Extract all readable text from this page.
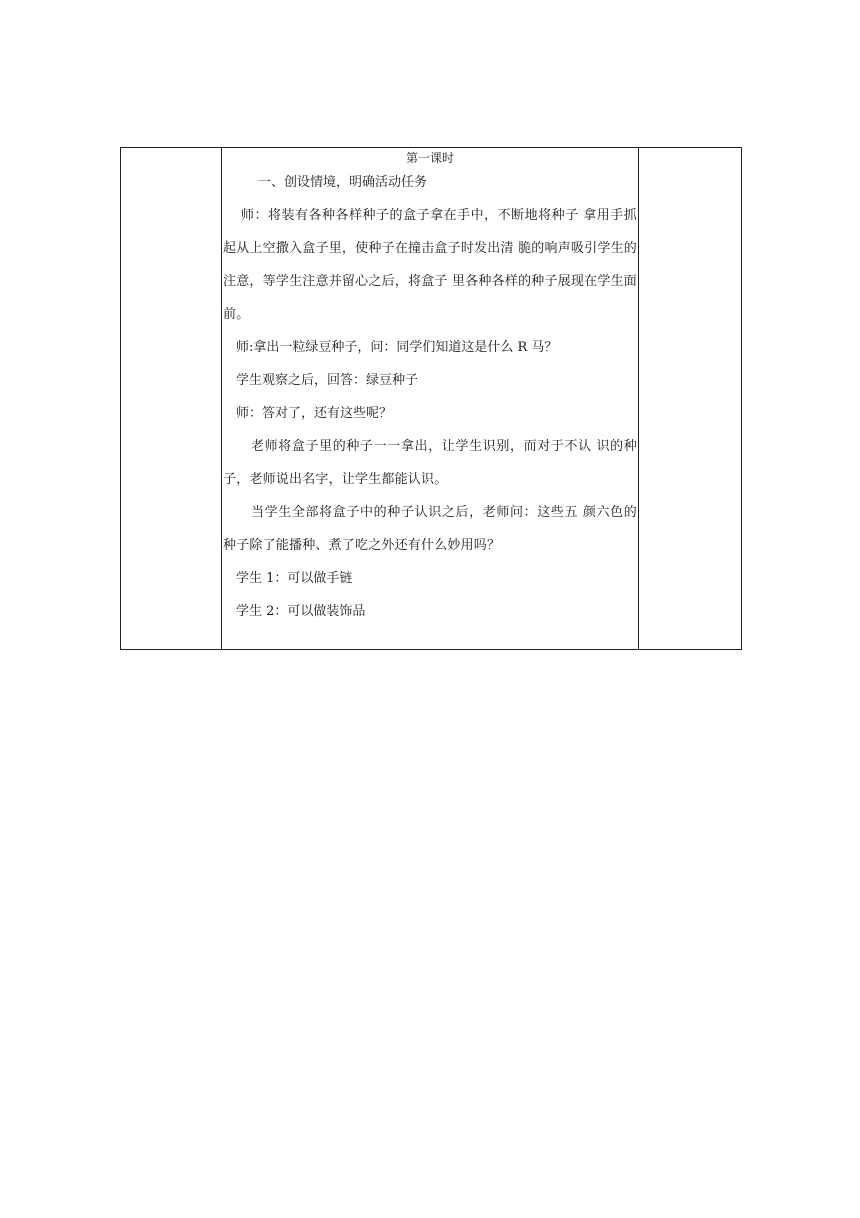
第一课时

一、创设情境，明确活动任务

师：将装有各种各样种子的盒子拿在手中，不断地将种子 拿用手抓起从上空撒入盒子里，使种子在撞击盒子时发出清 脆的响声吸引学生的注意，等学生注意并留心之后，将盒子 里各种各样的种子展现在学生面前。

师:拿出一粒绿豆种子，问：同学们知道这是什么 R 马？

学生观察之后，回答：绿豆种子

师：答对了，还有这些呢？

老师将盒子里的种子一一拿出，让学生识别，而对于不认 识的种子，老师说出名字，让学生都能认识。

当学生全部将盒子中的种子认识之后，老师问：这些五 颜六色的种子除了能播种、煮了吃之外还有什么妙用吗？

学生 1：可以做手链

学生 2：可以做装饰品
